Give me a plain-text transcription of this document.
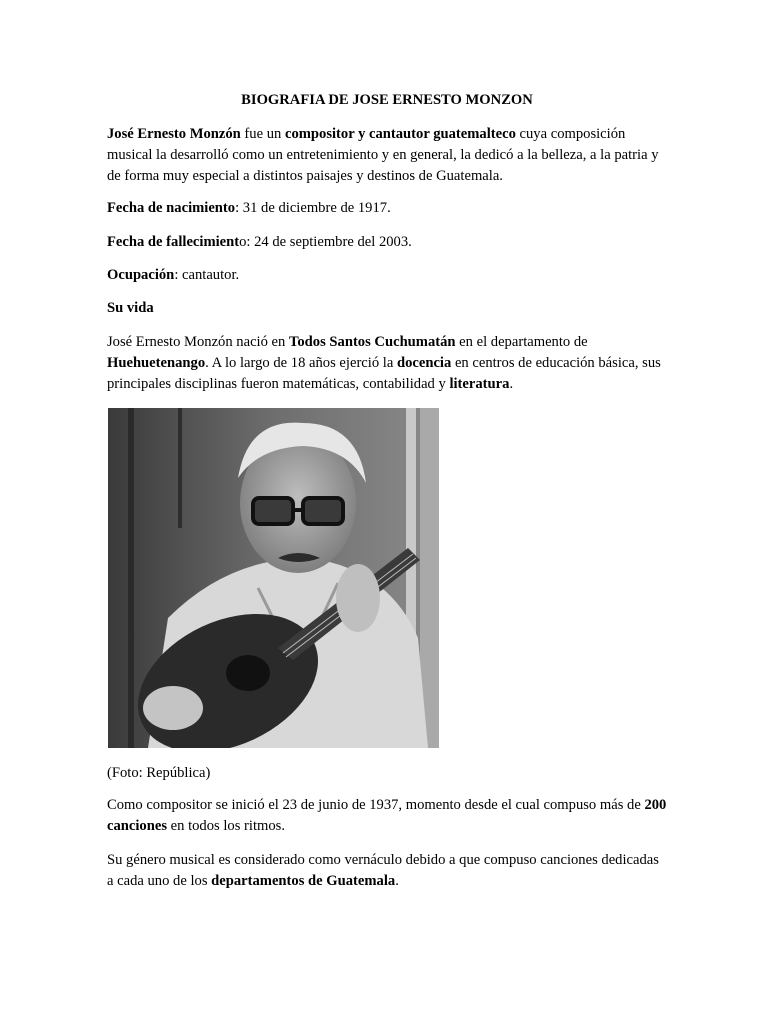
BIOGRAFIA DE JOSE ERNESTO MONZON

José Ernesto Monzón fue un compositor y cantautor guatemalteco cuya composición musical la desarrolló como un entretenimiento y en general, la dedicó a la belleza, a la patria y de forma muy especial a distintos paisajes y destinos de Guatemala.

Fecha de nacimiento: 31 de diciembre de 1917.

Fecha de fallecimiento: 24 de septiembre del 2003.

Ocupación: cantautor.

Su vida

José Ernesto Monzón nació en Todos Santos Cuchumatán en el departamento de Huehuetenango. A lo largo de 18 años ejerció la docencia en centros de educación básica, sus principales disciplinas fueron matemáticas, contabilidad y literatura.

(Foto: República)

Como compositor se inició el 23 de junio de 1937, momento desde el cual compuso más de 200 canciones en todos los ritmos.

Su género musical es considerado como vernáculo debido a que compuso canciones dedicadas a cada uno de los departamentos de Guatemala.
